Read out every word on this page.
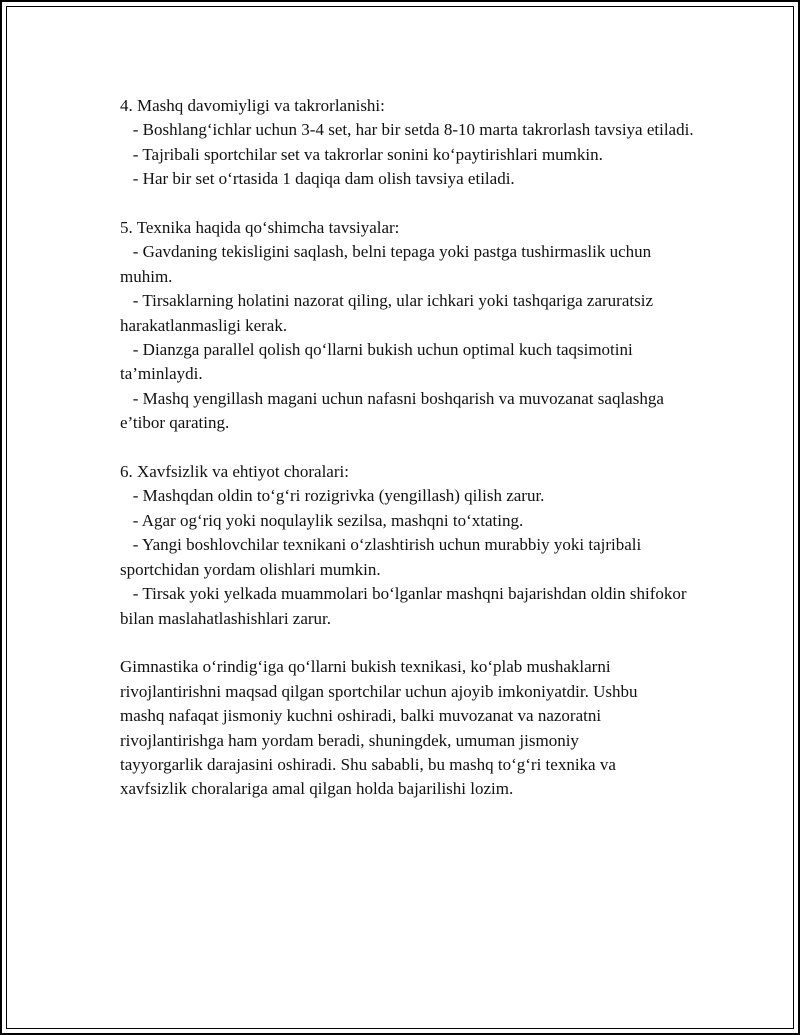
4. Mashq davomiyligi va takrorlanishi:
- Boshlang‘ichlar uchun 3-4 set, har bir setda 8-10 marta takrorlash tavsiya etiladi.
- Tajribali sportchilar set va takrorlar sonini ko‘paytirishlari mumkin.
- Har bir set o‘rtasida 1 daqiqa dam olish tavsiya etiladi.
5. Texnika haqida qo‘shimcha tavsiyalar:
- Gavdaning tekisligini saqlash, belni tepaga yoki pastga tushirmaslik uchun muhim.
- Tirsaklarning holatini nazorat qiling, ular ichkari yoki tashqariga zaruratsiz harakatlanmasligi kerak.
- Dianzga parallel qolish qo‘llarni bukish uchun optimal kuch taqsimotini ta’minlaydi.
- Mashq yengillash magani uchun nafasni boshqarish va muvozanat saqlashga e’tibor qarating.
6. Xavfsizlik va ehtiyot choralari:
- Mashqdan oldin to‘g‘ri rozigrivka (yengillash) qilish zarur.
- Agar og‘riq yoki noqulaylik sezilsa, mashqni to‘xtating.
- Yangi boshlovchilar texnikani o‘zlashtirish uchun murabbiy yoki tajribali sportchidan yordam olishlari mumkin.
- Tirsak yoki yelkada muammolari bo‘lganlar mashqni bajarishdan oldin shifokor bilan maslahatlashishlari zarur.

Gimnastika o‘rindig‘iga qo‘llarni bukish texnikasi, ko‘plab mushaklarni
rivojlantirishni maqsad qilgan sportchilar uchun ajoyib imkoniyatdir. Ushbu
mashq nafaqat jismoniy kuchni oshiradi, balki muvozanat va nazoratni
rivojlantirishga ham yordam beradi, shuningdek, umuman jismoniy
tayyorgarlik darajasini oshiradi. Shu sababli, bu mashq to‘g‘ri texnika va
xavfsizlik choralariga amal qilgan holda bajarilishi lozim.
